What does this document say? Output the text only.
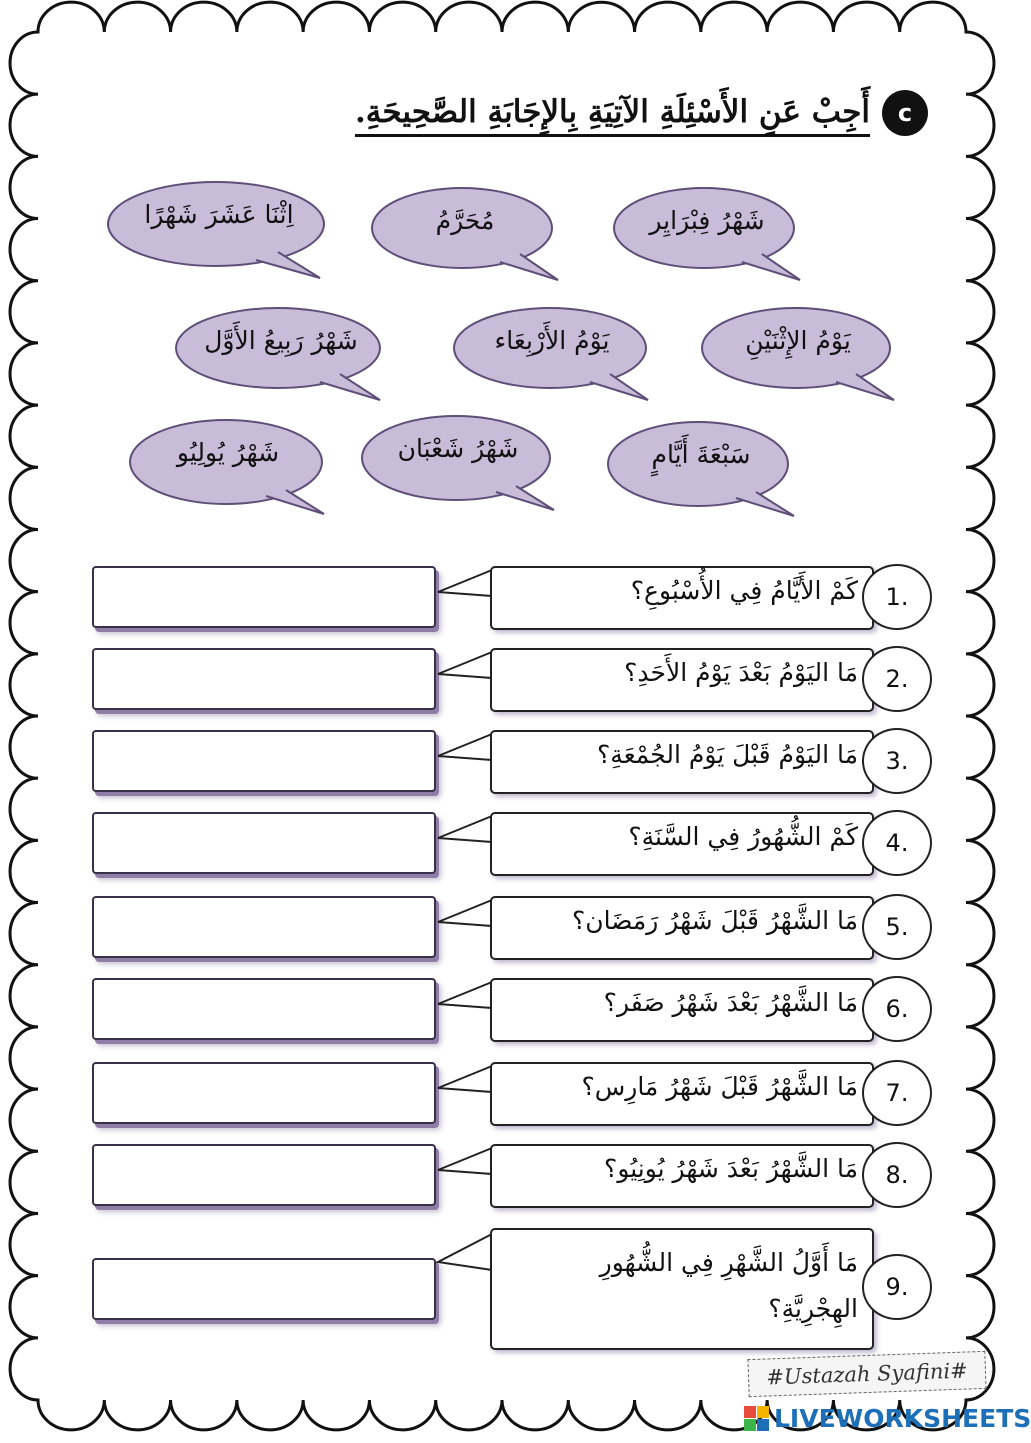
أَجِبْ عَنِ الأَسْئِلَةِ الآتِيَةِ بِالإِجَابَةِ الصَّحِيحَةِ.	c
شَهْرُ فِبْرَايِر
مُحَرَّمُ
اِثْنَا عَشَرَ شَهْرًا
يَوْمُ الإِثْنَيْنِ
يَوْمُ الأَرْبِعَاء
شَهْرُ رَبِيعُ الأَوَّل
سَبْعَةَ أَيَّامٍ
شَهْرُ شَعْبَان
شَهْرُ يُولِيُو
كَمْ الأَيَّامُ فِي الأُسْبُوعِ؟	1.
مَا اليَوْمُ بَعْدَ يَوْمُ الأَحَدِ؟	2.
مَا اليَوْمُ قَبْلَ يَوْمُ الجُمْعَةِ؟	3.
كَمْ الشُّهُورُ فِي السَّنَةِ؟	4.
مَا الشَّهْرُ قَبْلَ شَهْرُ رَمَضَان؟	5.
مَا الشَّهْرُ بَعْدَ شَهْرُ صَفَر؟	6.
مَا الشَّهْرُ قَبْلَ شَهْرُ مَارِس؟	7.
مَا الشَّهْرُ بَعْدَ شَهْرُ يُونِيُو؟	8.
مَا أَوَّلُ الشَّهْرِ فِي الشُّهُورِ الهِجْرِيَّةِ؟
9.
#Ustazah Syafini#
LIVEWORKSHEETS
